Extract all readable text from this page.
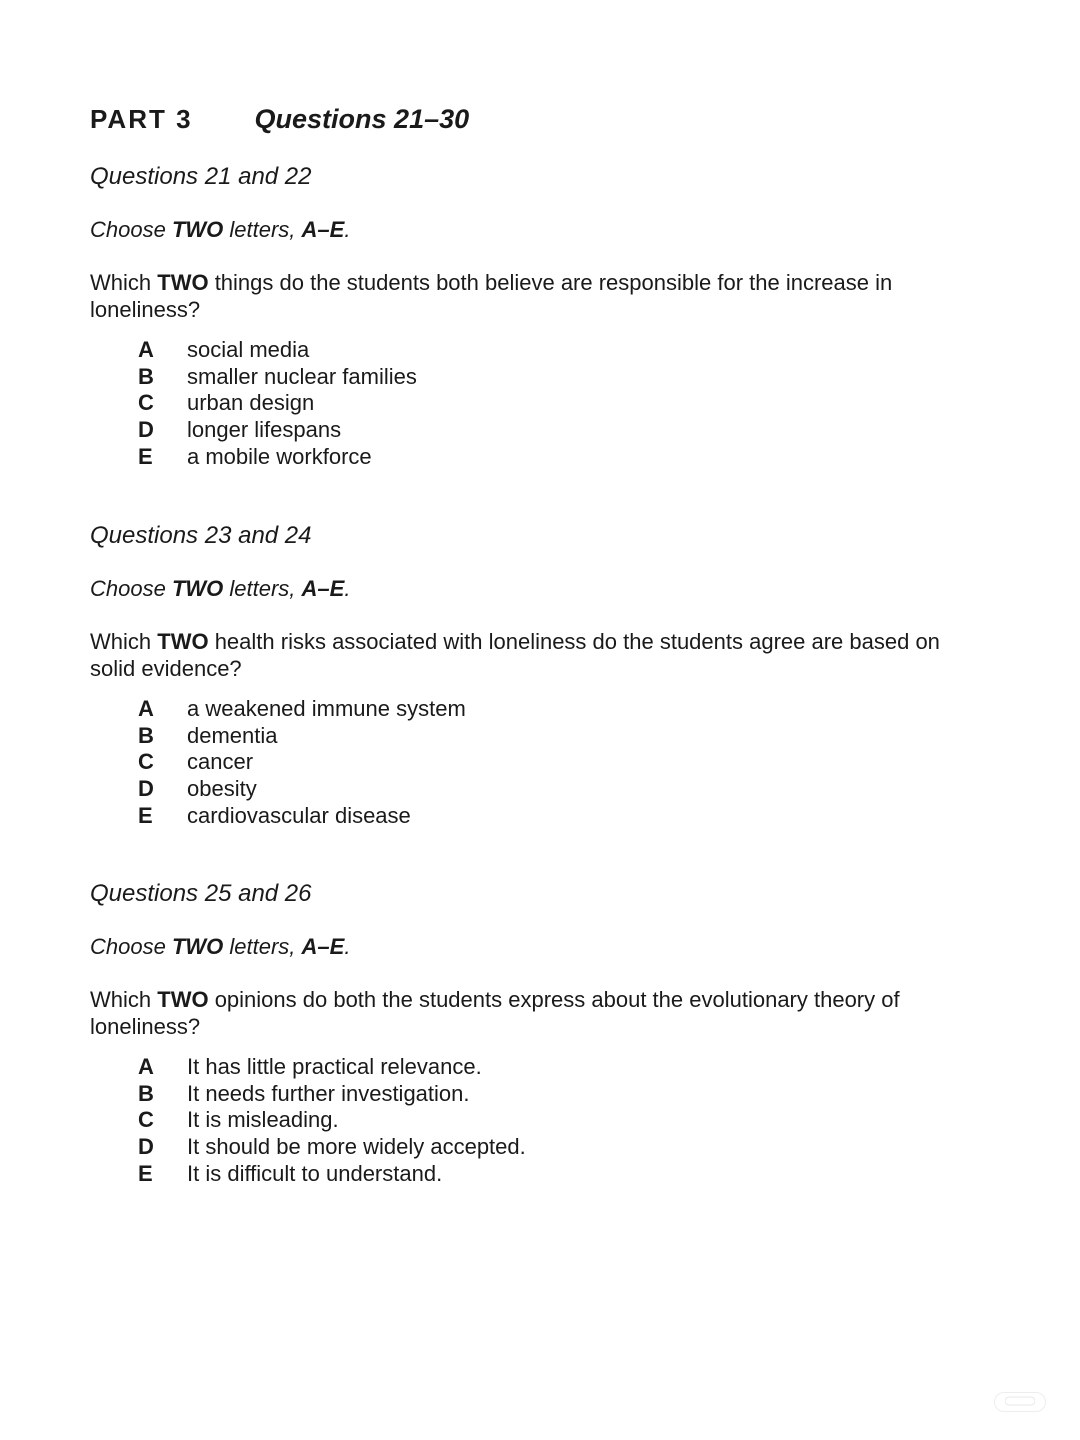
PART 3 Questions 21–30
Questions 21 and 22
Choose TWO letters, A–E.
Which TWO things do the students both believe are responsible for the increase in loneliness?
A	social media
B	smaller nuclear families
C	urban design
D	longer lifespans
E	a mobile workforce
Questions 23 and 24
Choose TWO letters, A–E.
Which TWO health risks associated with loneliness do the students agree are based on solid evidence?
A	a weakened immune system
B	dementia
C	cancer
D	obesity
E	cardiovascular disease
Questions 25 and 26
Choose TWO letters, A–E.
Which TWO opinions do both the students express about the evolutionary theory of loneliness?
A	It has little practical relevance.
B	It needs further investigation.
C	It is misleading.
D	It should be more widely accepted.
E	It is difficult to understand.
